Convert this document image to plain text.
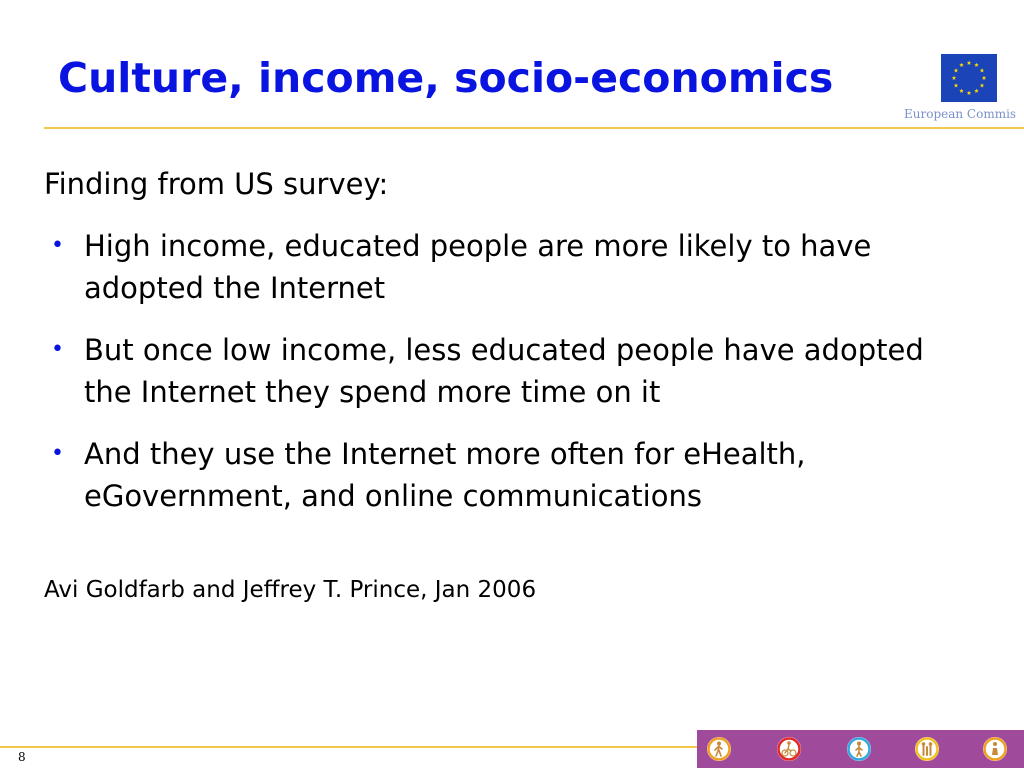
Culture, income, socio-economics
European Commis

Finding from US survey:

• High income, educated people are more likely to have adopted the Internet
• But once low income, less educated people have adopted the Internet they spend more time on it
• And they use the Internet more often for eHealth, eGovernment, and online communications

Avi Goldfarb and Jeffrey T. Prince, Jan 2006

8
